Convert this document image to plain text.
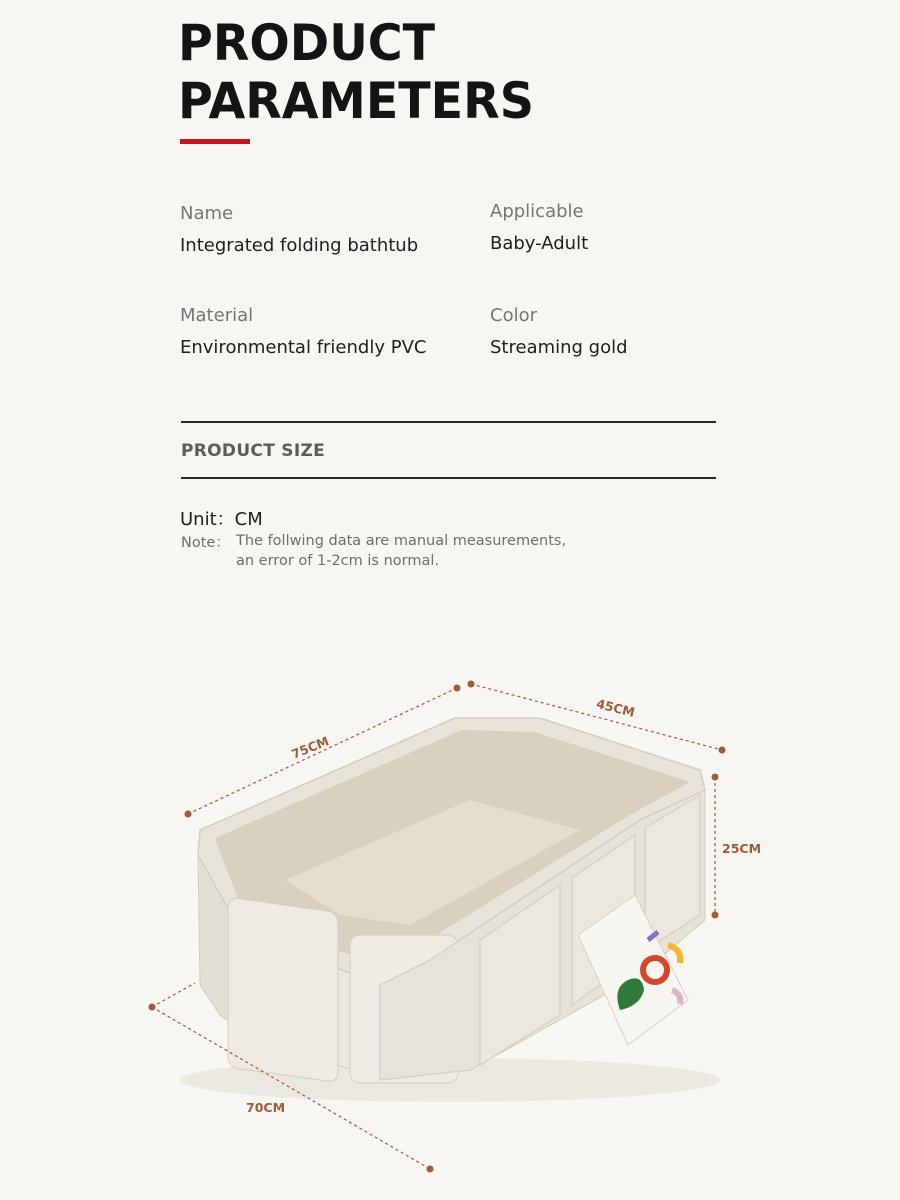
PRODUCT
PARAMETERS
Name
Integrated folding bathtub
Applicable
Baby-Adult
Material
Environmental friendly PVC
Color
Streaming gold
PRODUCT SIZE
Unit：CM
Note： The follwing data are manual measurements,
an error of 1-2cm is normal.
75CM
45CM
25CM
70CM
